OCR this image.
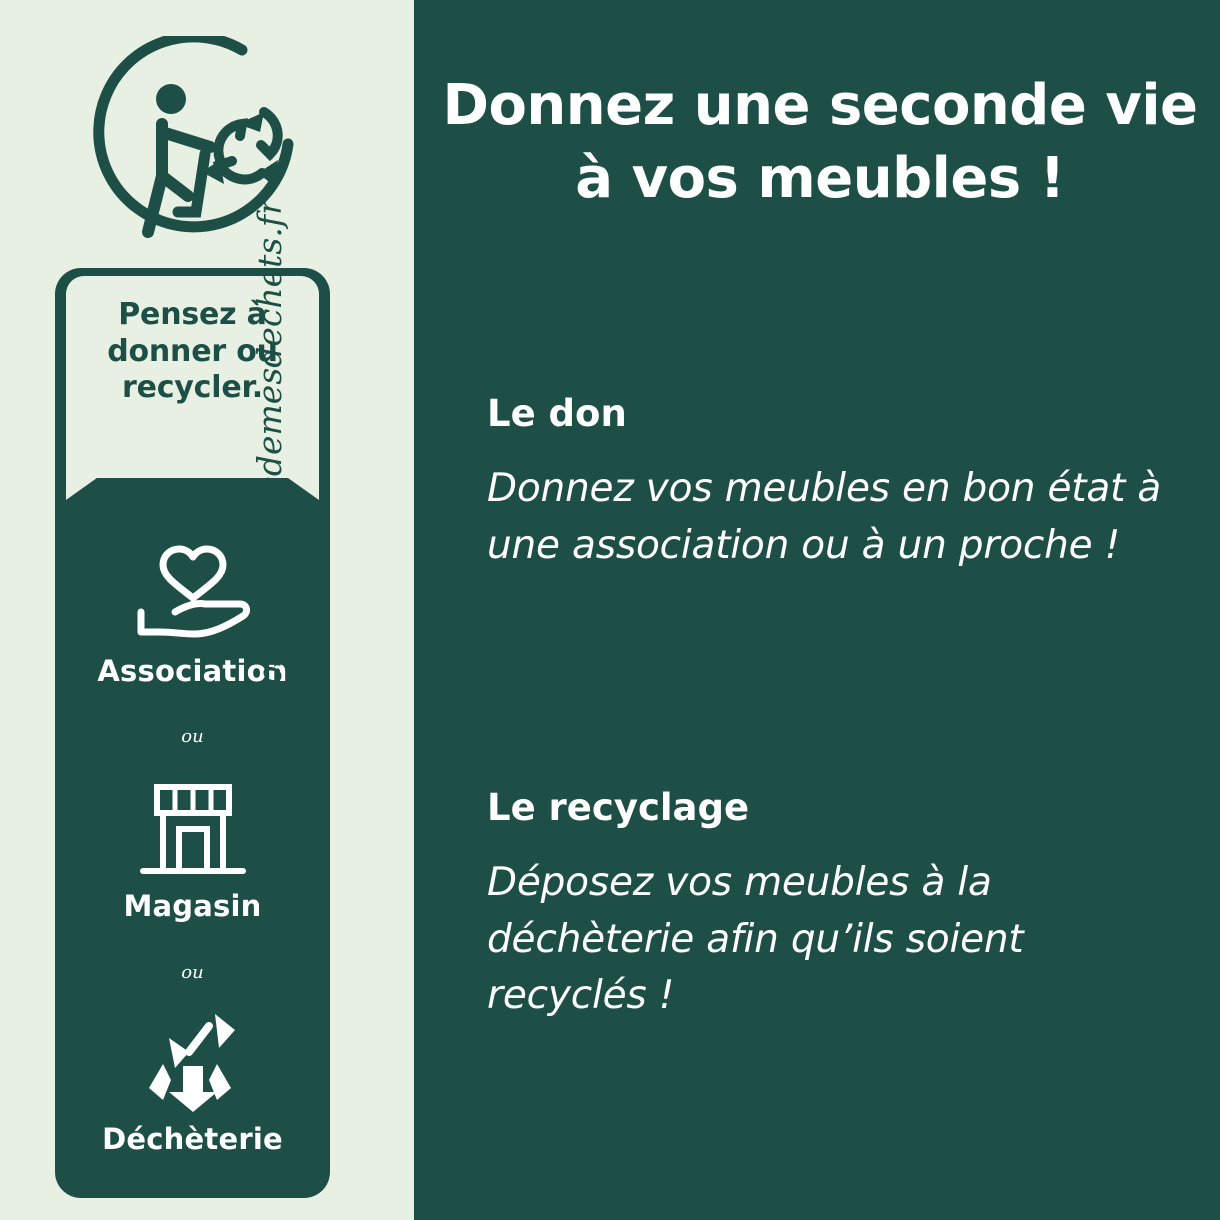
Pensez à
donner ou
recycler.
Association
ou
Magasin
ou
Déchèterie
https://quefairedemesdechets.fr
Donnez une seconde vie
à vos meubles !
Le don

Donnez vos meubles en bon état à une association ou à un proche !

Le recyclage

Déposez vos meubles à la déchèterie afin qu’ils soient recyclés !
